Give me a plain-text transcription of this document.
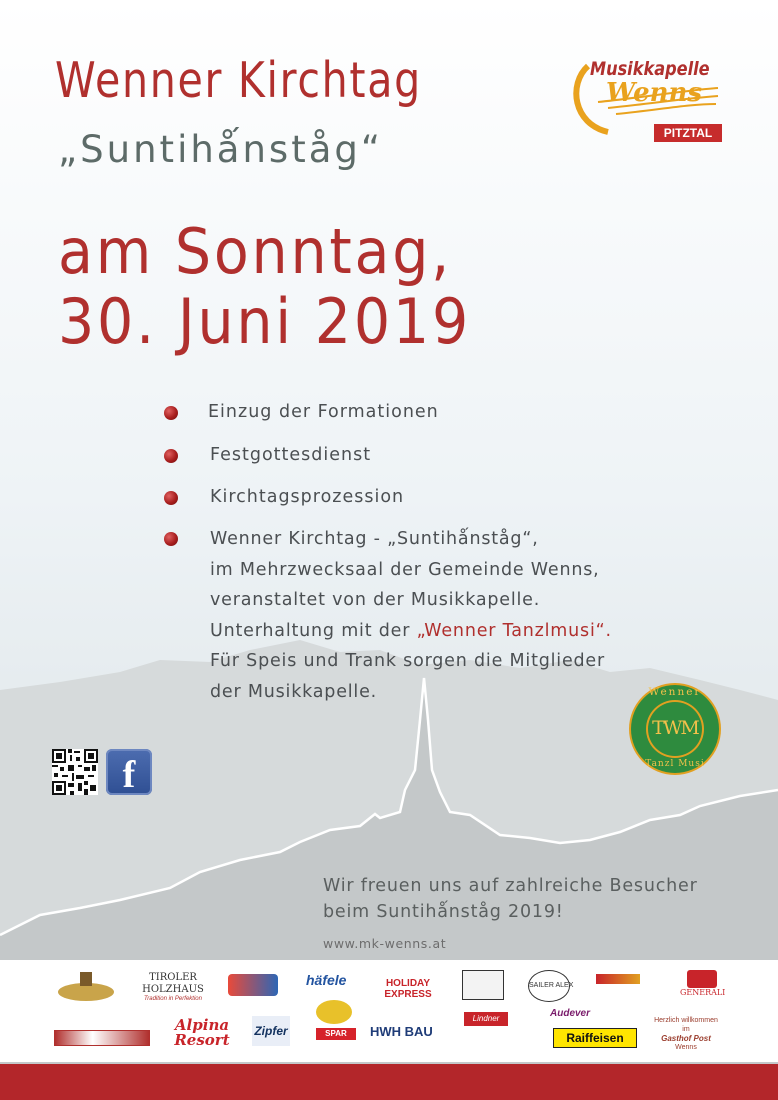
Wenner Kirchtag
„Suntihǻnståg“
am Sonntag,
30. Juni 2019
Musikkapelle
Wenns
PITZTAL
Einzug der Formationen
Festgottesdienst
Kirchtagsprozession
Wenner Kirchtag - „Suntihǻnståg“,
im Mehrzwecksaal der Gemeinde Wenns,
veranstaltet von der Musikkapelle.
Unterhaltung mit der „Wenner Tanzlmusi“.
Für Speis und Trank sorgen die Mitglieder
der Musikkapelle.
f
Wenner
TWM
Tanzl Musi
Wir freuen uns auf zahlreiche Besucher
beim Suntihǻnståg 2019!
www.mk-wenns.at
TIROLER HOLZHAUS
Tradition in Perfektion
häfele	HOLIDAY EXPRESS
SAILER ALEX
GENERALI
Alpina Resort Zipfer	SPAR	HWH BAU
Lindner	Audever
Raiffeisen
Herzlich willkommen
im
Gasthof Post
Wenns
